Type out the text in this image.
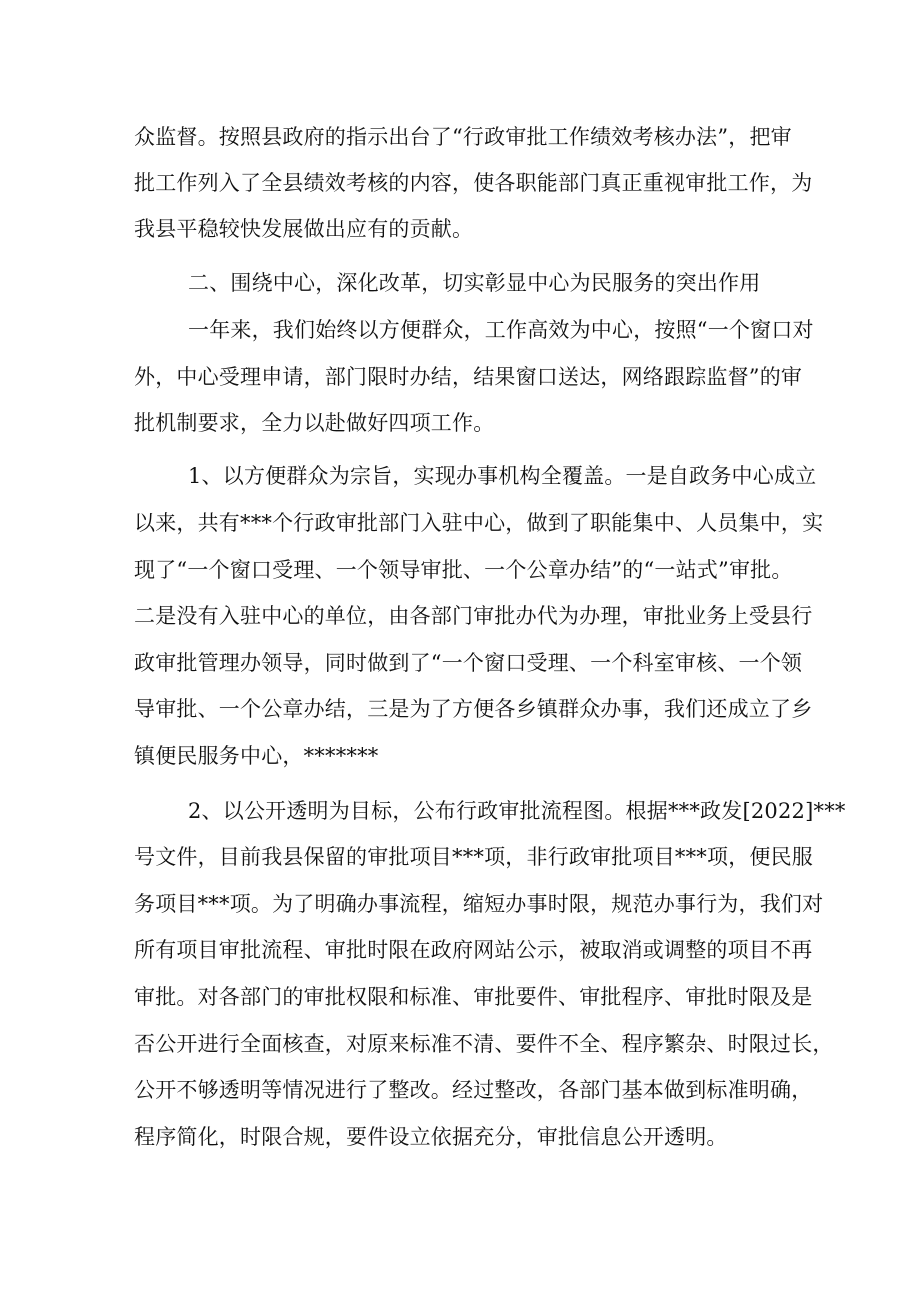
众监督。按照县政府的指示出台了“行政审批工作绩效考核办法”，把审
批工作列入了全县绩效考核的内容，使各职能部门真正重视审批工作，为
我县平稳较快发展做出应有的贡献。
二、围绕中心，深化改革，切实彰显中心为民服务的突出作用
一年来，我们始终以方便群众，工作高效为中心，按照“一个窗口对
外，中心受理申请，部门限时办结，结果窗口送达，网络跟踪监督”的审
批机制要求，全力以赴做好四项工作。
1、以方便群众为宗旨，实现办事机构全覆盖。一是自政务中心成立
以来，共有***个行政审批部门入驻中心，做到了职能集中、人员集中，实
现了“一个窗口受理、一个领导审批、一个公章办结”的“一站式”审批。
二是没有入驻中心的单位，由各部门审批办代为办理，审批业务上受县行
政审批管理办领导，同时做到了“一个窗口受理、一个科室审核、一个领
导审批、一个公章办结，三是为了方便各乡镇群众办事，我们还成立了乡
镇便民服务中心，*******
2、以公开透明为目标，公布行政审批流程图。根据***政发[2022]***
号文件，目前我县保留的审批项目***项，非行政审批项目***项，便民服
务项目***项。为了明确办事流程，缩短办事时限，规范办事行为，我们对
所有项目审批流程、审批时限在政府网站公示，被取消或调整的项目不再
审批。对各部门的审批权限和标准、审批要件、审批程序、审批时限及是
否公开进行全面核查，对原来标准不清、要件不全、程序繁杂、时限过长，
公开不够透明等情况进行了整改。经过整改，各部门基本做到标准明确，
程序简化，时限合规，要件设立依据充分，审批信息公开透明。
